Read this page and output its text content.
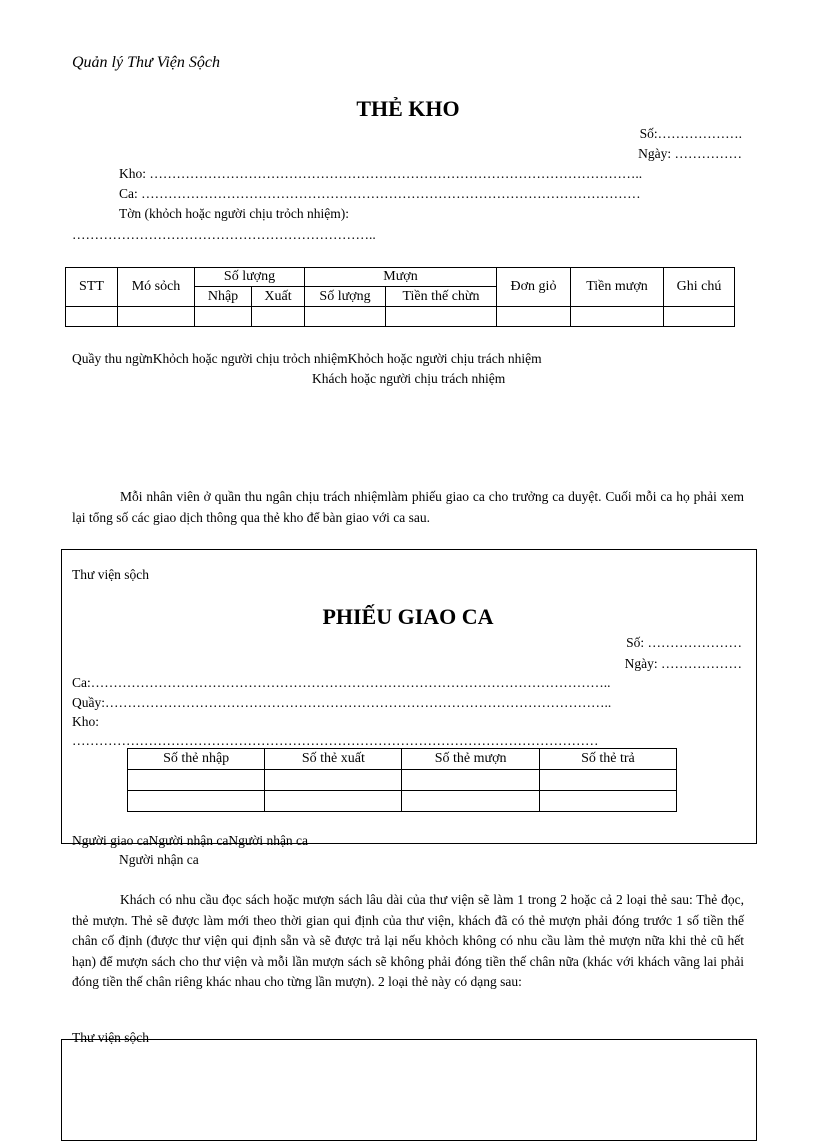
Quản lý Thư Viện Sộch
THẺ KHO
Số:……………….
Ngày: ……………
Kho: ………………………………………………………………………………………………..
Ca: …………………………………………………………………………………………………
Tờn (khỏch hoặc người chịu trỏch nhiệm):
…………………………………………………………..
STT	Mó sỏch	Số lượng		Mượn		Đơn giỏ	Tiền mượn	Ghi chú
		Nhập	Xuất	Số lượng	Tiền thế chừn			

Quầy thu ngừnKhỏch hoặc người chịu trỏch nhiệmKhỏch hoặc người chịu trách nhiệm
Khách hoặc người chịu trách nhiệm

Mỗi nhân viên ở quần thu ngân chịu trách nhiệmlàm phiếu giao ca cho trưởng ca duyệt. Cuối mỗi ca họ phải xem lại tổng số các giao dịch thông qua thẻ kho để bàn giao với ca sau.

Thư viện sộch
PHIẾU GIAO CA
Số: …………………
Ngày: ………………
Ca:……………………………………………………………………………………………………..
Quầy:…………………………………………………………………………………………………..
Kho:
………………………………………………………………………………………………………
Số thẻ nhập	Số thẻ xuất	Số thẻ mượn	Số thẻ trả

Người giao caNgười nhận caNgười nhận ca
Người nhận ca

Khách có nhu cầu đọc sách hoặc mượn sách lâu dài của thư viện sẽ làm 1 trong 2 hoặc cả 2 loại thẻ sau: Thẻ đọc, thẻ mượn. Thẻ sẽ được làm mới theo thời gian qui định của thư viện, khách đã có thẻ mượn phải đóng trước 1 số tiền thế chân cố định (được thư viện qui định sẵn và sẽ được trả lại nếu khỏch không có nhu cầu làm thẻ mượn nữa khi thẻ cũ hết hạn) để mượn sách cho thư viện và mỗi lần mượn sách sẽ không phải đóng tiền thế chân nữa (khác với khách vãng lai phải đóng tiền thế chân riêng khác nhau cho từng lần mượn). 2 loại thẻ này có dạng sau:

Thư viện sộch
